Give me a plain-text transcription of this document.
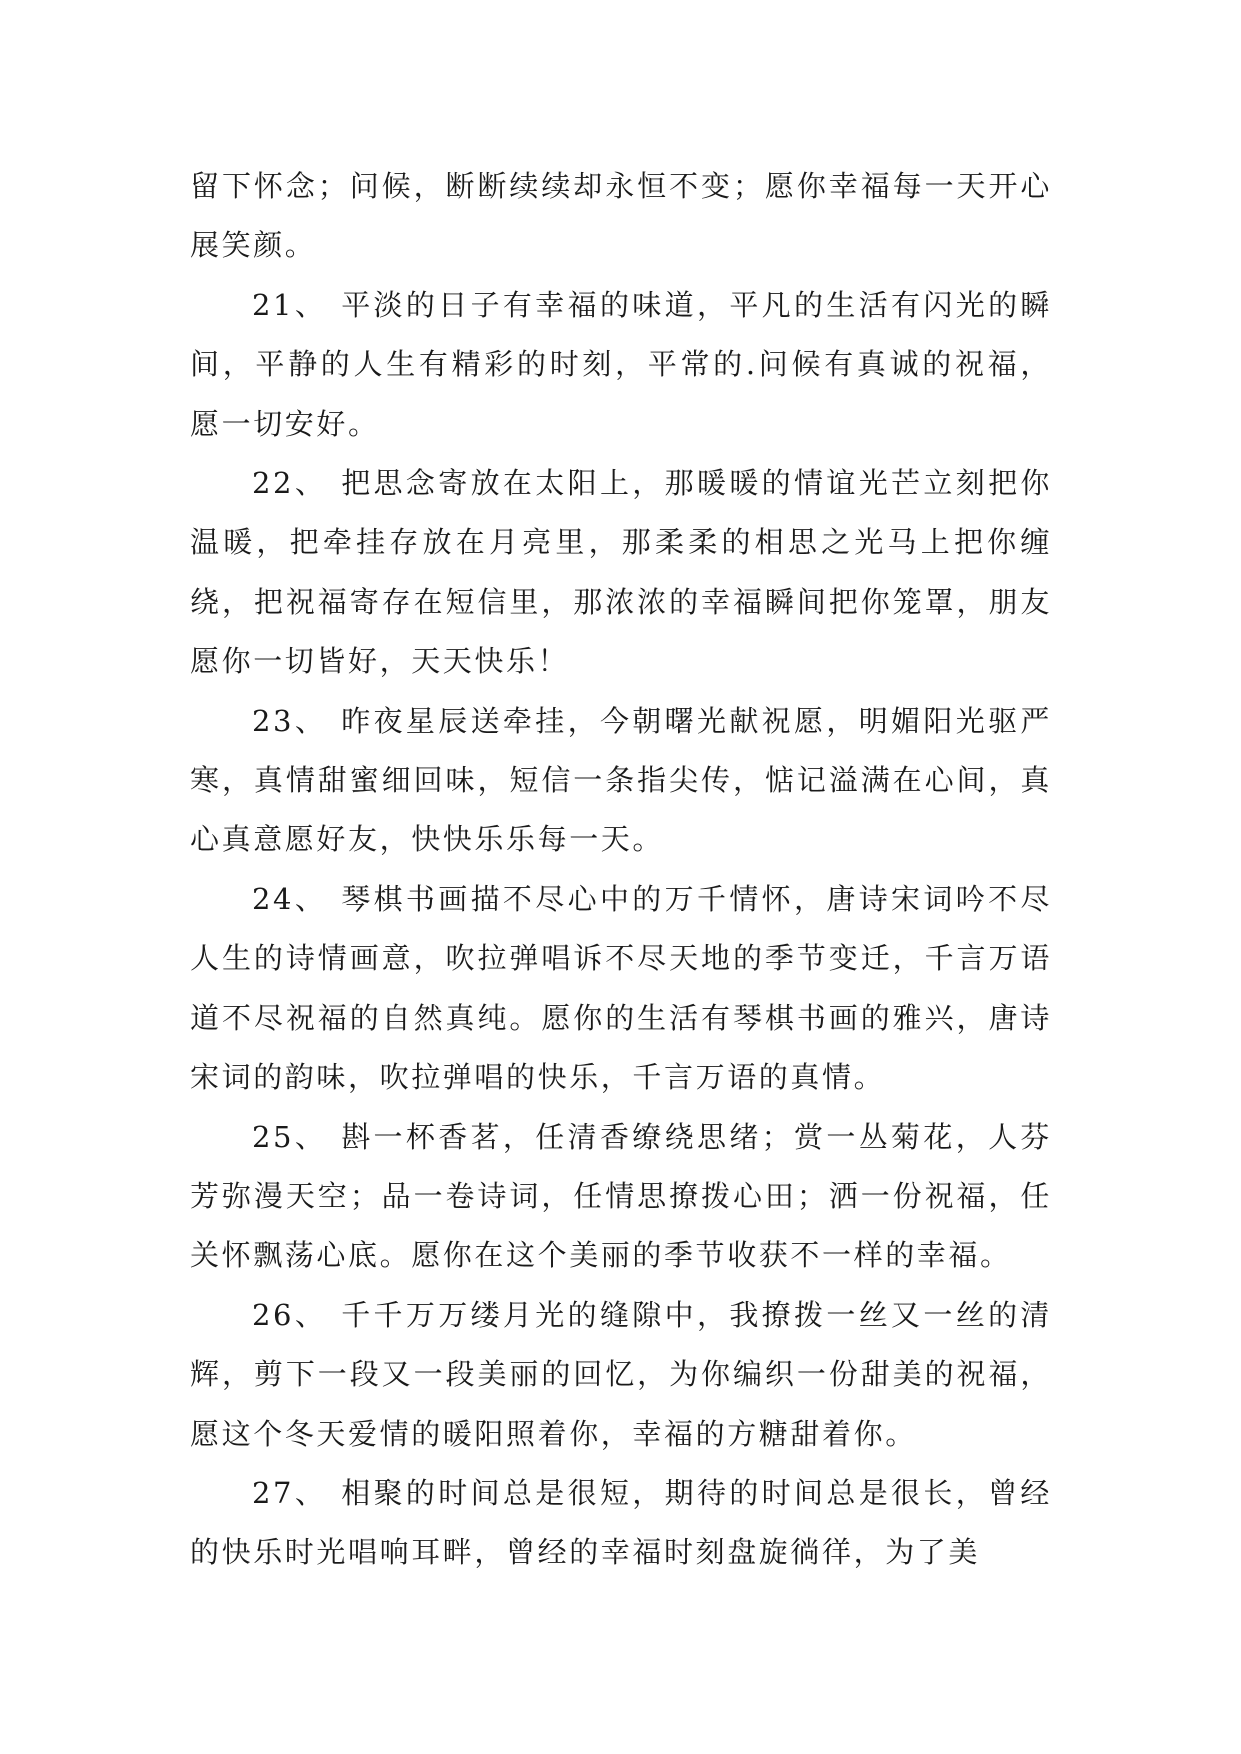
留下怀念；问候，断断续续却永恒不变；愿你幸福每一天开心展笑颜。

21、 平淡的日子有幸福的味道，平凡的生活有闪光的瞬间，平静的人生有精彩的时刻，平常的.问候有真诚的祝福，愿一切安好。

22、 把思念寄放在太阳上，那暖暖的情谊光芒立刻把你温暖，把牵挂存放在月亮里，那柔柔的相思之光马上把你缠绕，把祝福寄存在短信里，那浓浓的幸福瞬间把你笼罩，朋友愿你一切皆好，天天快乐！

23、 昨夜星辰送牵挂，今朝曙光献祝愿，明媚阳光驱严寒，真情甜蜜细回味，短信一条指尖传，惦记溢满在心间，真心真意愿好友，快快乐乐每一天。

24、 琴棋书画描不尽心中的万千情怀，唐诗宋词吟不尽人生的诗情画意，吹拉弹唱诉不尽天地的季节变迁，千言万语道不尽祝福的自然真纯。愿你的生活有琴棋书画的雅兴，唐诗宋词的韵味，吹拉弹唱的快乐，千言万语的真情。

25、 斟一杯香茗，任清香缭绕思绪；赏一丛菊花，人芬芳弥漫天空；品一卷诗词，任情思撩拨心田；洒一份祝福，任关怀飘荡心底。愿你在这个美丽的季节收获不一样的幸福。

26、 千千万万缕月光的缝隙中，我撩拨一丝又一丝的清辉，剪下一段又一段美丽的回忆，为你编织一份甜美的祝福，愿这个冬天爱情的暖阳照着你，幸福的方糖甜着你。

27、 相聚的时间总是很短，期待的时间总是很长，曾经的快乐时光唱响耳畔，曾经的幸福时刻盘旋徜徉，为了美
